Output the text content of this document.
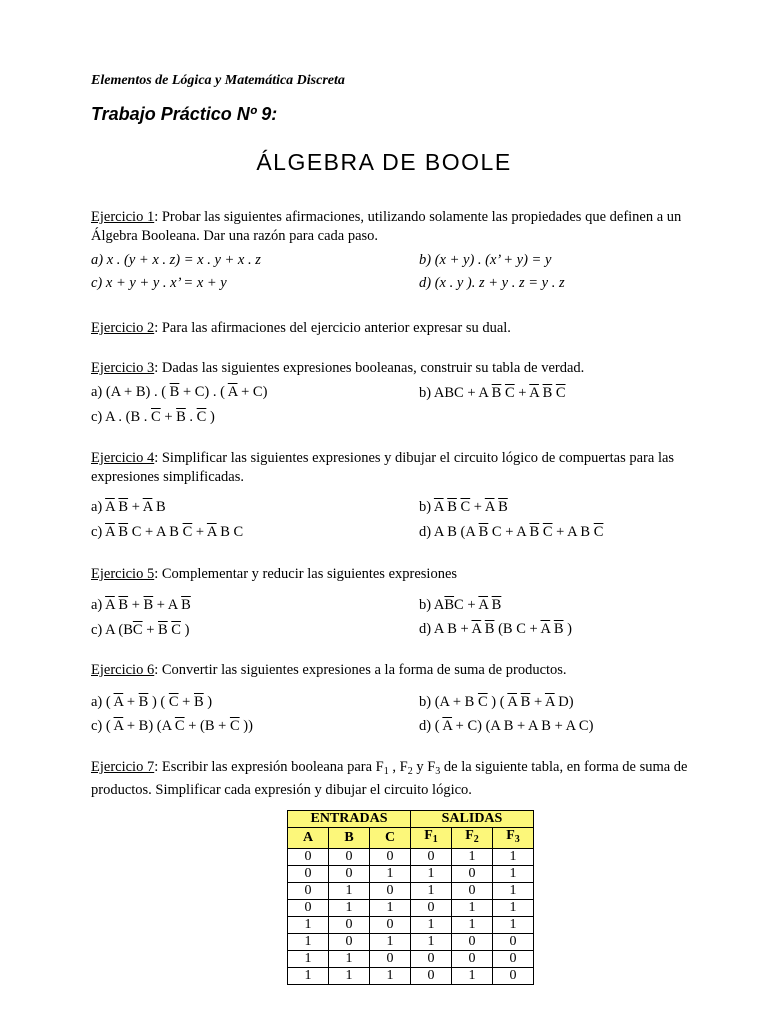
Elementos de Lógica y Matemática Discreta
Trabajo Práctico Nº 9:
ÁLGEBRA DE BOOLE
Ejercicio 1: Probar las siguientes afirmaciones, utilizando solamente las propiedades que definen a un Álgebra Booleana. Dar una razón para cada paso.
a) x . (y + x . z) = x . y + x . z	b) (x + y) . (x’ + y) = y
c) x + y + y . x’ = x + y	d) (x . y ). z + y . z = y . z
Ejercicio 2: Para las afirmaciones del ejercicio anterior expresar su dual.
Ejercicio 3: Dadas las siguientes expresiones booleanas, construir su tabla de verdad.
a) (A + B) . ( $\overline{B} + C$) . ( $\overline{A} + C$)	b) ABC + A $\overline{B}$ $\overline{C} + \overline{A}$ $\overline{B}$ $\overline{C}$
c) A . (B . $\overline{C} + \overline{B}$ . $\overline{C}$ )
Ejercicio 4: Simplificar las siguientes expresiones y dibujar el circuito lógico de compuertas para las expresiones simplificadas.
a) $\overline{A}$ $\overline{B} + \overline{A}$ B	b) $\overline{A}$ $\overline{B}$ $\overline{C} + \overline{A}$ $\overline{B}$
c) $\overline{A}$ $\overline{B}$ C + A B $\overline{C} + \overline{A}$ B C	d) A B (A $\overline{B}$ C + A $\overline{B}$ $\overline{C} + A$ B $\overline{C}$
Ejercicio 5: Complementar y reducir las siguientes expresiones
a) $\overline{A}$ $\overline{B} + \overline{B} + A$ $\overline{B}$	b) $A\overline{B}C + \overline{A}$ $\overline{B}$
c) A ($B\overline{C} + \overline{B}$ $\overline{C}$ )	d) A $B + \overline{A}$ $\overline{B}$ (B $C + \overline{A}$ $\overline{B}$ )
Ejercicio 6: Convertir las siguientes expresiones a la forma de suma de productos.
a) ( $\overline{A} + \overline{B}$ ) ( $\overline{C} + \overline{B}$ )	b) (A + B $\overline{C}$ ) ( $\overline{A}$ $\overline{B} + \overline{A}$ D)
c) ( $\overline{A} + B$) (A $\overline{C} + (B + \overline{C}$ ))	d) ( $\overline{A} + C$) (A B + A B + A C)
Ejercicio 7: Escribir las expresión booleana para $F_1$ , $F_2$ y $F_3$ de la siguiente tabla, en forma de suma de productos. Simplificar cada expresión y dibujar el circuito lógico.
ENTRADAS			SALIDAS		
A	B	C	$F_1$	$F_2$	$F_3$
0	0	0	0	1	1
0	0	1	1	0	1
0	1	0	1	0	1
0	1	1	0	1	1
1	0	0	1	1	1
1	0	1	1	0	0
1	1	0	0	0	0
1	1	1	0	1	0
